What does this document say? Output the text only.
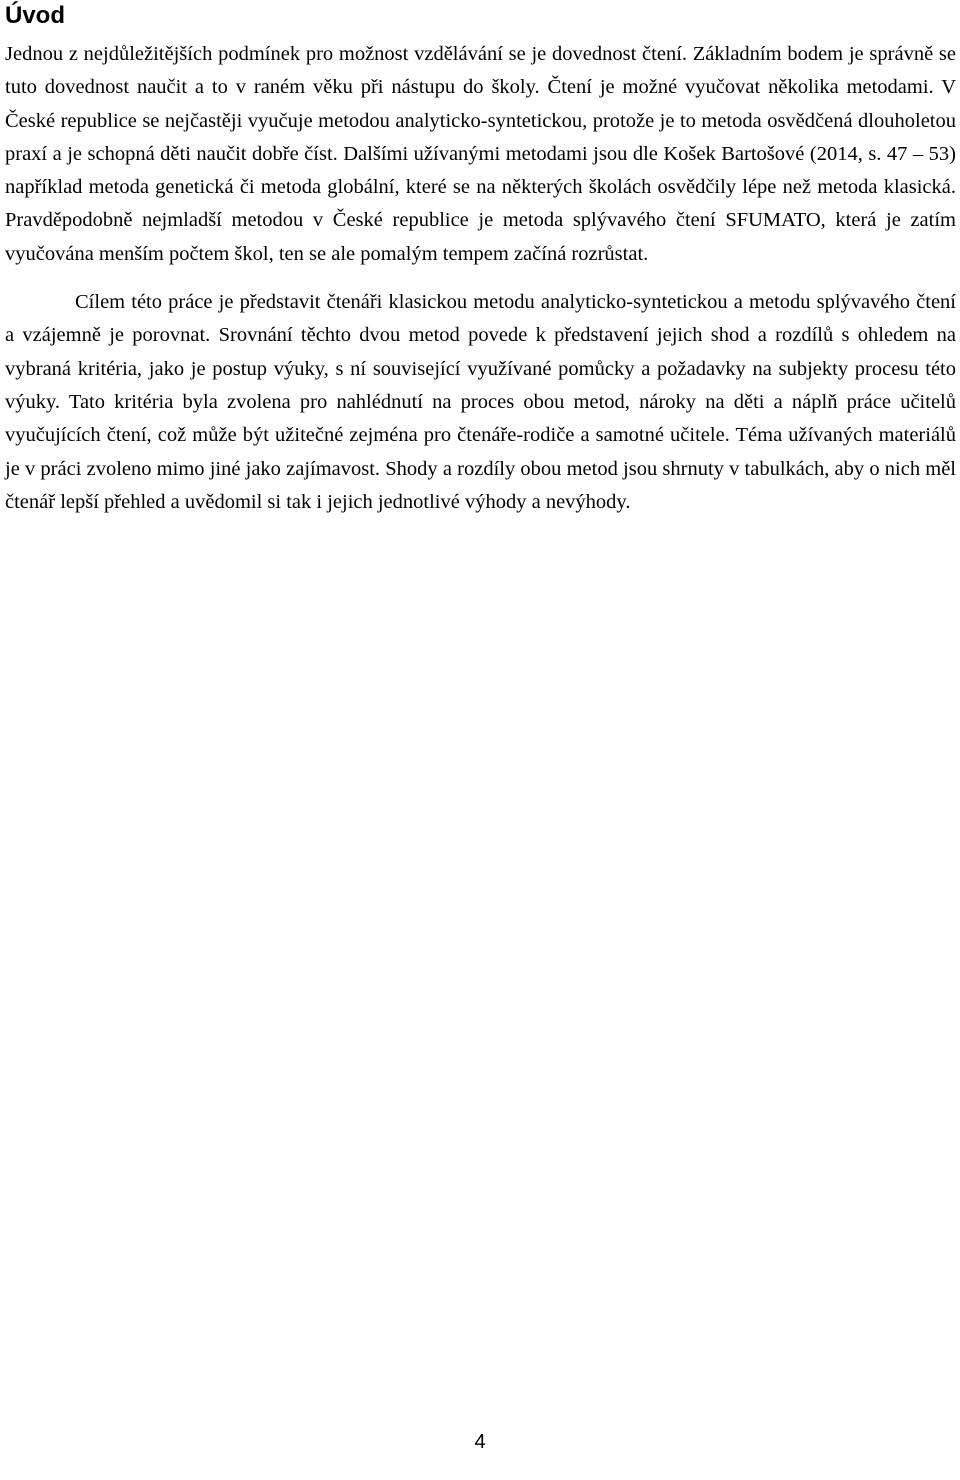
Úvod

Jednou z nejdůležitějších podmínek pro možnost vzdělávání se je dovednost čtení. Základním bodem je správně se tuto dovednost naučit a to v raném věku při nástupu do školy. Čtení je možné vyučovat několika metodami. V České republice se nejčastěji vyučuje metodou analyticko-syntetickou, protože je to metoda osvědčená dlouholetou praxí a je schopná děti naučit dobře číst. Dalšími užívanými metodami jsou dle Košek Bartošové (2014, s. 47 – 53) například metoda genetická či metoda globální, které se na některých školách osvědčily lépe než metoda klasická. Pravděpodobně nejmladší metodou v České republice je metoda splývavého čtení SFUMATO, která je zatím vyučována menším počtem škol, ten se ale pomalým tempem začíná rozrůstat.

Cílem této práce je představit čtenáři klasickou metodu analyticko-syntetickou a metodu splývavého čtení a vzájemně je porovnat. Srovnání těchto dvou metod povede k představení jejich shod a rozdílů s ohledem na vybraná kritéria, jako je postup výuky, s ní související využívané pomůcky a požadavky na subjekty procesu této výuky. Tato kritéria byla zvolena pro nahlédnutí na proces obou metod, nároky na děti a náplň práce učitelů vyučujících čtení, což může být užitečné zejména pro čtenáře-rodiče a samotné učitele. Téma užívaných materiálů je v práci zvoleno mimo jiné jako zajímavost. Shody a rozdíly obou metod jsou shrnuty v tabulkách, aby o nich měl čtenář lepší přehled a uvědomil si tak i jejich jednotlivé výhody a nevýhody.

4
